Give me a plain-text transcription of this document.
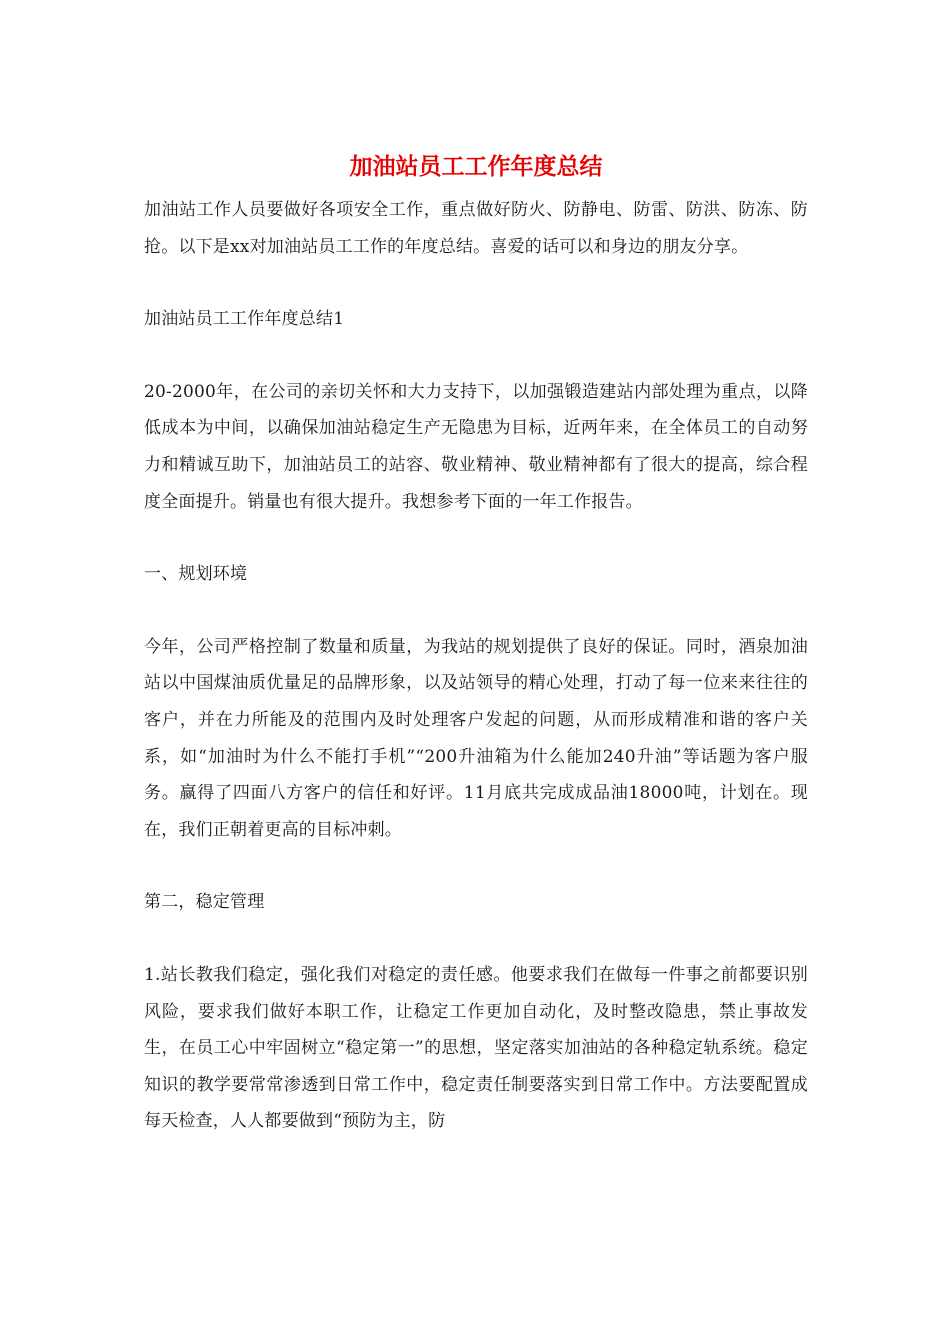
加油站员工工作年度总结

加油站工作人员要做好各项安全工作，重点做好防火、防静电、防雷、防洪、防冻、防抢。以下是xx对加油站员工工作的年度总结。喜爱的话可以和身边的朋友分享。

加油站员工工作年度总结1

20-2000年，在公司的亲切关怀和大力支持下，以加强锻造建站内部处理为重点，以降低成本为中间，以确保加油站稳定生产无隐患为目标，近两年来，在全体员工的自动努力和精诚互助下，加油站员工的站容、敬业精神、敬业精神都有了很大的提高，综合程度全面提升。销量也有很大提升。我想参考下面的一年工作报告。

一、规划环境

今年，公司严格控制了数量和质量，为我站的规划提供了良好的保证。同时，酒泉加油站以中国煤油质优量足的品牌形象，以及站领导的精心处理，打动了每一位来来往往的客户，并在力所能及的范围内及时处理客户发起的问题，从而形成精准和谐的客户关系，如“加油时为什么不能打手机”“200升油箱为什么能加240升油”等话题为客户服务。赢得了四面八方客户的信任和好评。11月底共完成成品油18000吨，计划在。现在，我们正朝着更高的目标冲刺。

第二，稳定管理

1.站长教我们稳定，强化我们对稳定的责任感。他要求我们在做每一件事之前都要识别风险，要求我们做好本职工作，让稳定工作更加自动化，及时整改隐患，禁止事故发生，在员工心中牢固树立“稳定第一”的思想，坚定落实加油站的各种稳定轨系统。稳定知识的教学要常常渗透到日常工作中，稳定责任制要落实到日常工作中。方法要配置成每天检查，人人都要做到“预防为主，防
